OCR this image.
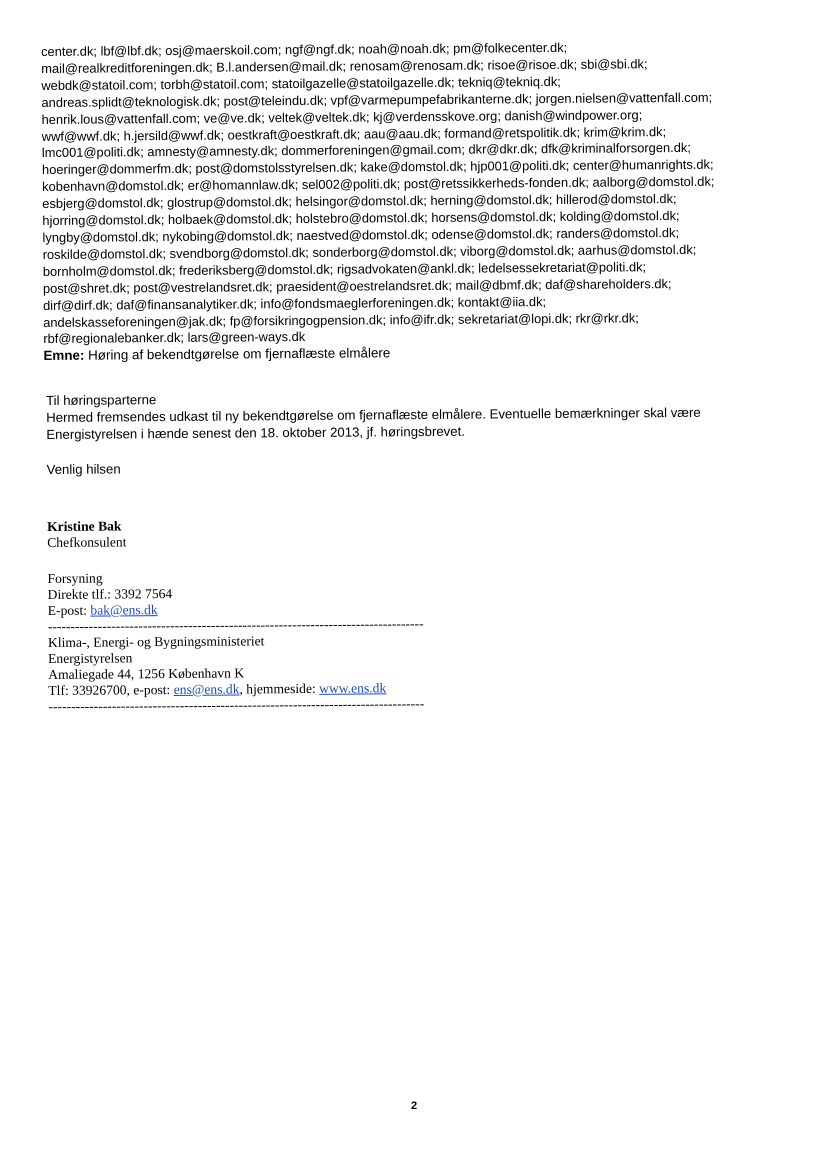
center.dk; lbf@lbf.dk; osj@maerskoil.com; ngf@ngf.dk; noah@noah.dk; pm@folkecenter.dk;
mail@realkreditforeningen.dk; B.l.andersen@mail.dk; renosam@renosam.dk; risoe@risoe.dk; sbi@sbi.dk;
webdk@statoil.com; torbh@statoil.com; statoilgazelle@statoilgazelle.dk; tekniq@tekniq.dk;
andreas.splidt@teknologisk.dk; post@teleindu.dk; vpf@varmepumpefabrikanterne.dk; jorgen.nielsen@vattenfall.com;
henrik.lous@vattenfall.com; ve@ve.dk; veltek@veltek.dk; kj@verdensskove.org; danish@windpower.org;
wwf@wwf.dk; h.jersild@wwf.dk; oestkraft@oestkraft.dk; aau@aau.dk; formand@retspolitik.dk; krim@krim.dk;
lmc001@politi.dk; amnesty@amnesty.dk; dommerforeningen@gmail.com; dkr@dkr.dk; dfk@kriminalforsorgen.dk;
hoeringer@dommerfm.dk; post@domstolsstyrelsen.dk; kake@domstol.dk; hjp001@politi.dk; center@humanrights.dk;
kobenhavn@domstol.dk; er@homannlaw.dk; sel002@politi.dk; post@retssikkerheds-fonden.dk; aalborg@domstol.dk;
esbjerg@domstol.dk; glostrup@domstol.dk; helsingor@domstol.dk; herning@domstol.dk; hillerod@domstol.dk;
hjorring@domstol.dk; holbaek@domstol.dk; holstebro@domstol.dk; horsens@domstol.dk; kolding@domstol.dk;
lyngby@domstol.dk; nykobing@domstol.dk; naestved@domstol.dk; odense@domstol.dk; randers@domstol.dk;
roskilde@domstol.dk; svendborg@domstol.dk; sonderborg@domstol.dk; viborg@domstol.dk; aarhus@domstol.dk;
bornholm@domstol.dk; frederiksberg@domstol.dk; rigsadvokaten@ankl.dk; ledelsessekretariat@politi.dk;
post@shret.dk; post@vestrelandsret.dk; praesident@oestrelandsret.dk; mail@dbmf.dk; daf@shareholders.dk;
dirf@dirf.dk; daf@finansanalytiker.dk; info@fondsmaeglerforeningen.dk; kontakt@iia.dk;
andelskasseforeningen@jak.dk; fp@forsikringogpension.dk; info@ifr.dk; sekretariat@lopi.dk; rkr@rkr.dk;
rbf@regionalebanker.dk; lars@green-ways.dk
Emne: Høring af bekendtgørelse om fjernaflæste elmålere
Til høringsparterne
Hermed fremsendes udkast til ny bekendtgørelse om fjernaflæste elmålere. Eventuelle bemærkninger skal være
Energistyrelsen i hænde senest den 18. oktober 2013, jf. høringsbrevet.
Venlig hilsen
Kristine Bak
Chefkonsulent
Forsyning
Direkte tlf.: 3392 7564
E-post: bak@ens.dk
-----------------------------------------------------------------------------------
Klima-, Energi- og Bygningsministeriet
Energistyrelsen
Amaliegade 44, 1256 København K
Tlf: 33926700, e-post: ens@ens.dk, hjemmeside: www.ens.dk
-----------------------------------------------------------------------------------
2
